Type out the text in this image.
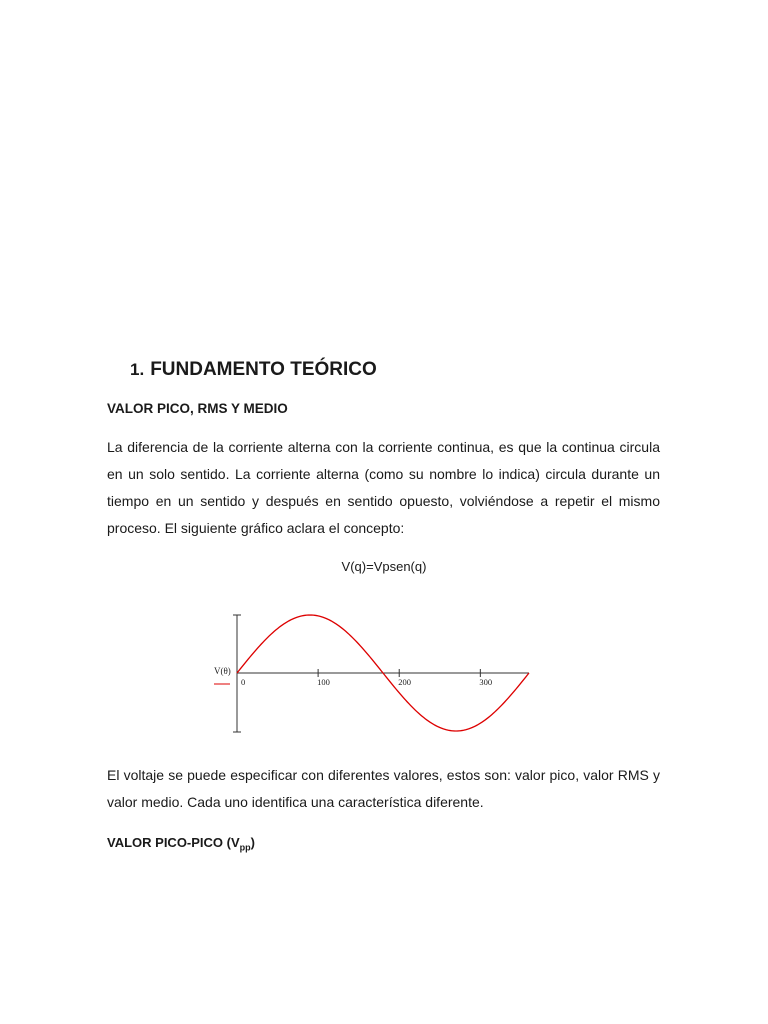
1. FUNDAMENTO TEÓRICO
VALOR PICO, RMS Y MEDIO

La diferencia de la corriente alterna con la corriente continua, es que la continua circula en un solo sentido. La corriente alterna (como su nombre lo indica) circula durante un tiempo en un sentido y después en sentido opuesto, volviéndose a repetir el mismo proceso. El siguiente gráfico aclara el concepto:

V(q)=Vpsen(q)

0	100	200	300
V(θ)

El voltaje se puede especificar con diferentes valores, estos son: valor pico, valor RMS y valor medio. Cada uno identifica una característica diferente.

VALOR PICO-PICO $(V_{pp})$
